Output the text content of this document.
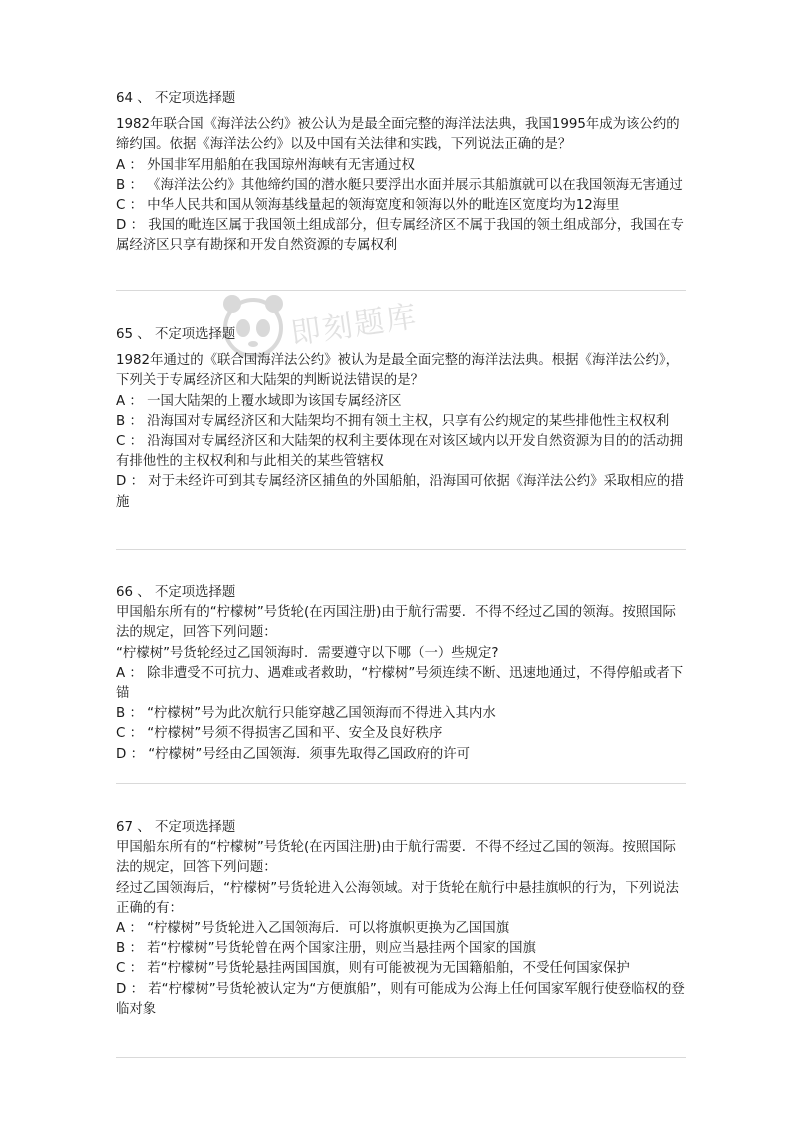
64 、 不定项选择题
1982年联合国《海洋法公约》被公认为是最全面完整的海洋法法典，我国1995年成为该公约的缔约国。依据《海洋法公约》以及中国有关法律和实践，下列说法正确的是？
A ： 外国非军用船舶在我国琼州海峡有无害通过权
B ： 《海洋法公约》其他缔约国的潜水艇只要浮出水面并展示其船旗就可以在我国领海无害通过
C ： 中华人民共和国从领海基线量起的领海宽度和领海以外的毗连区宽度均为12海里
D ： 我国的毗连区属于我国领土组成部分，但专属经济区不属于我国的领土组成部分，我国在专属经济区只享有勘探和开发自然资源的专属权利
65 、 不定项选择题
1982年通过的《联合国海洋法公约》被认为是最全面完整的海洋法法典。根据《海洋法公约》，下列关于专属经济区和大陆架的判断说法错误的是？
A ： 一国大陆架的上覆水域即为该国专属经济区
B ： 沿海国对专属经济区和大陆架均不拥有领土主权，只享有公约规定的某些排他性主权权利
C ： 沿海国对专属经济区和大陆架的权利主要体现在对该区域内以开发自然资源为目的的活动拥有排他性的主权权利和与此相关的某些管辖权
D ： 对于未经许可到其专属经济区捕鱼的外国船舶，沿海国可依据《海洋法公约》采取相应的措施
66 、 不定项选择题
甲国船东所有的“柠檬树”号货轮(在丙国注册)由于航行需要．不得不经过乙国的领海。按照国际法的规定，回答下列问题：
“柠檬树”号货轮经过乙国领海时．需要遵守以下哪（一）些规定?
A ： 除非遭受不可抗力、遇难或者救助，“柠檬树”号须连续不断、迅速地通过，不得停船或者下锚
B ： “柠檬树”号为此次航行只能穿越乙国领海而不得进入其内水
C ： “柠檬树”号须不得损害乙国和平、安全及良好秩序
D ： “柠檬树”号经由乙国领海．须事先取得乙国政府的许可
67 、 不定项选择题
甲国船东所有的“柠檬树”号货轮(在丙国注册)由于航行需要．不得不经过乙国的领海。按照国际法的规定，回答下列问题：
经过乙国领海后，“柠檬树”号货轮进入公海领域。对于货轮在航行中悬挂旗帜的行为，下列说法正确的有：
A ： “柠檬树”号货轮进入乙国领海后．可以将旗帜更换为乙国国旗
B ： 若“柠檬树”号货轮曾在两个国家注册，则应当悬挂两个国家的国旗
C ： 若“柠檬树”号货轮悬挂两国国旗，则有可能被视为无国籍船舶，不受任何国家保护
D ： 若“柠檬树”号货轮被认定为“方便旗船”，则有可能成为公海上任何国家军舰行使登临权的登临对象
即刻题库
